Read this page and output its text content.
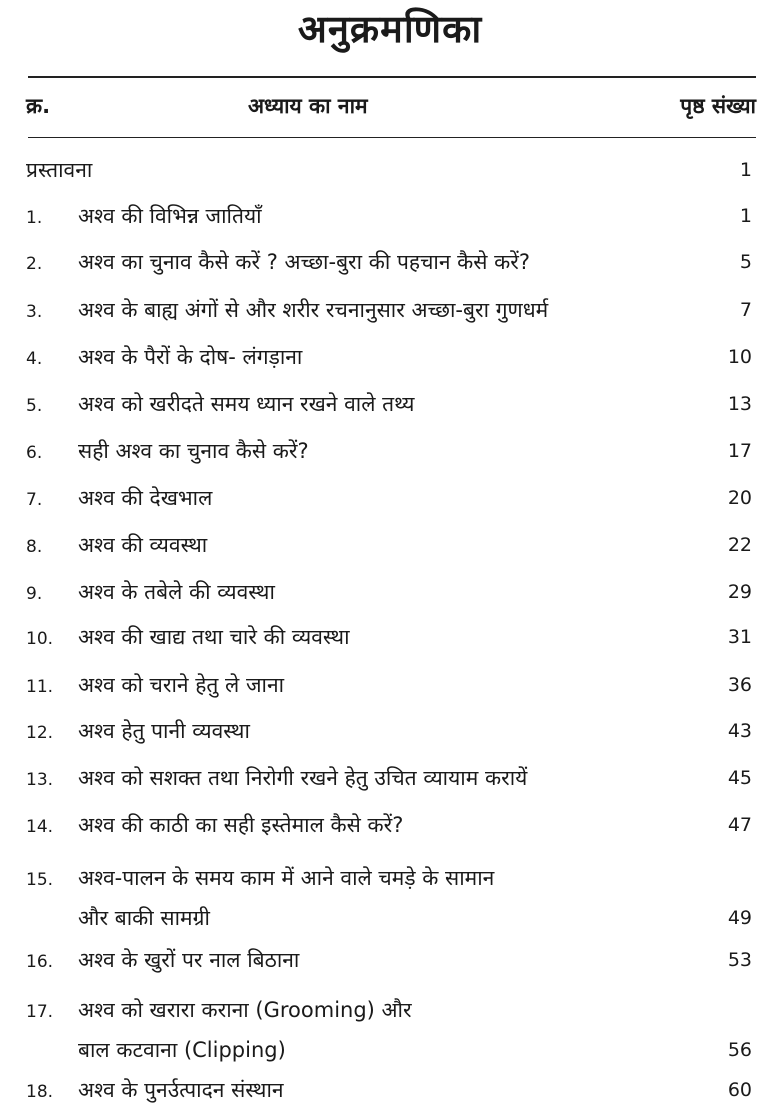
अनुक्रमणिका
क्र.	अध्याय का नाम	पृष्ठ संख्या
प्रस्तावना	1
1. अश्व की विभिन्न जातियाँ	1
2. अश्व का चुनाव कैसे करें ? अच्छा-बुरा की पहचान कैसे करें?	5
3. अश्व के बाह्य अंगों से और शरीर रचनानुसार अच्छा-बुरा गुणधर्म	7
4. अश्व के पैरों के दोष- लंगड़ाना	10
5. अश्व को खरीदते समय ध्यान रखने वाले तथ्य	13
6. सही अश्व का चुनाव कैसे करें?	17
7. अश्व की देखभाल	20
8. अश्व की व्यवस्था	22
9. अश्व के तबेले की व्यवस्था	29
10. अश्व की खाद्य तथा चारे की व्यवस्था	31
11. अश्व को चराने हेतु ले जाना	36
12. अश्व हेतु पानी व्यवस्था	43
13. अश्व को सशक्त तथा निरोगी रखने हेतु उचित व्यायाम करायें	45
14. अश्व की काठी का सही इस्तेमाल कैसे करें?	47
15. अश्व-पालन के समय काम में आने वाले चमड़े के सामान
और बाकी सामग्री	49
16. अश्व के खुरों पर नाल बिठाना	53
17. अश्व को खरारा कराना (Grooming) और
बाल कटवाना (Clipping)	56
18. अश्व के पुनर्उत्पादन संस्थान	60
